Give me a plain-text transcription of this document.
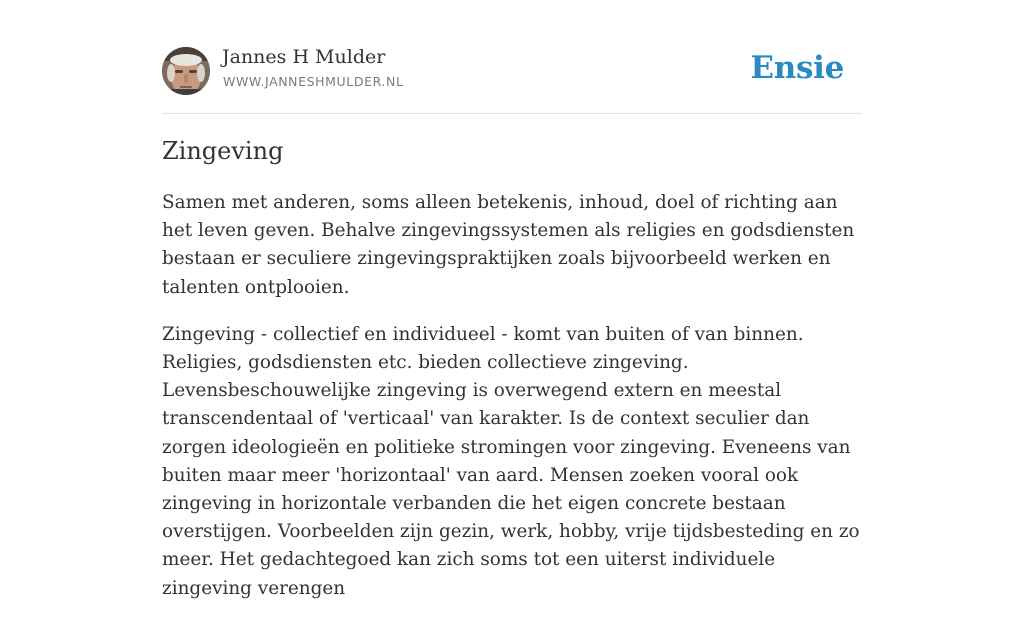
Jannes H Mulder
WWW.JANNESHMULDER.NL	Ensie
Zingeving

Samen met anderen, soms alleen betekenis, inhoud, doel of richting aan het leven geven. Behalve zingevingssystemen als religies en godsdiensten bestaan er seculiere zingevingspraktijken zoals bijvoorbeeld werken en talenten ontplooien.

Zingeving - collectief en individueel - komt van buiten of van binnen. Religies, godsdiensten etc. bieden collectieve zingeving. Levensbeschouwelijke zingeving is overwegend extern en meestal transcendentaal of 'verticaal' van karakter. Is de context seculier dan zorgen ideologieën en politieke stromingen voor zingeving. Eveneens van buiten maar meer 'horizontaal' van aard. Mensen zoeken vooral ook zingeving in horizontale verbanden die het eigen concrete bestaan overstijgen. Voorbeelden zijn gezin, werk, hobby, vrije tijdsbesteding en zo meer. Het gedachtegoed kan zich soms tot een uiterst individuele zingeving verengen
